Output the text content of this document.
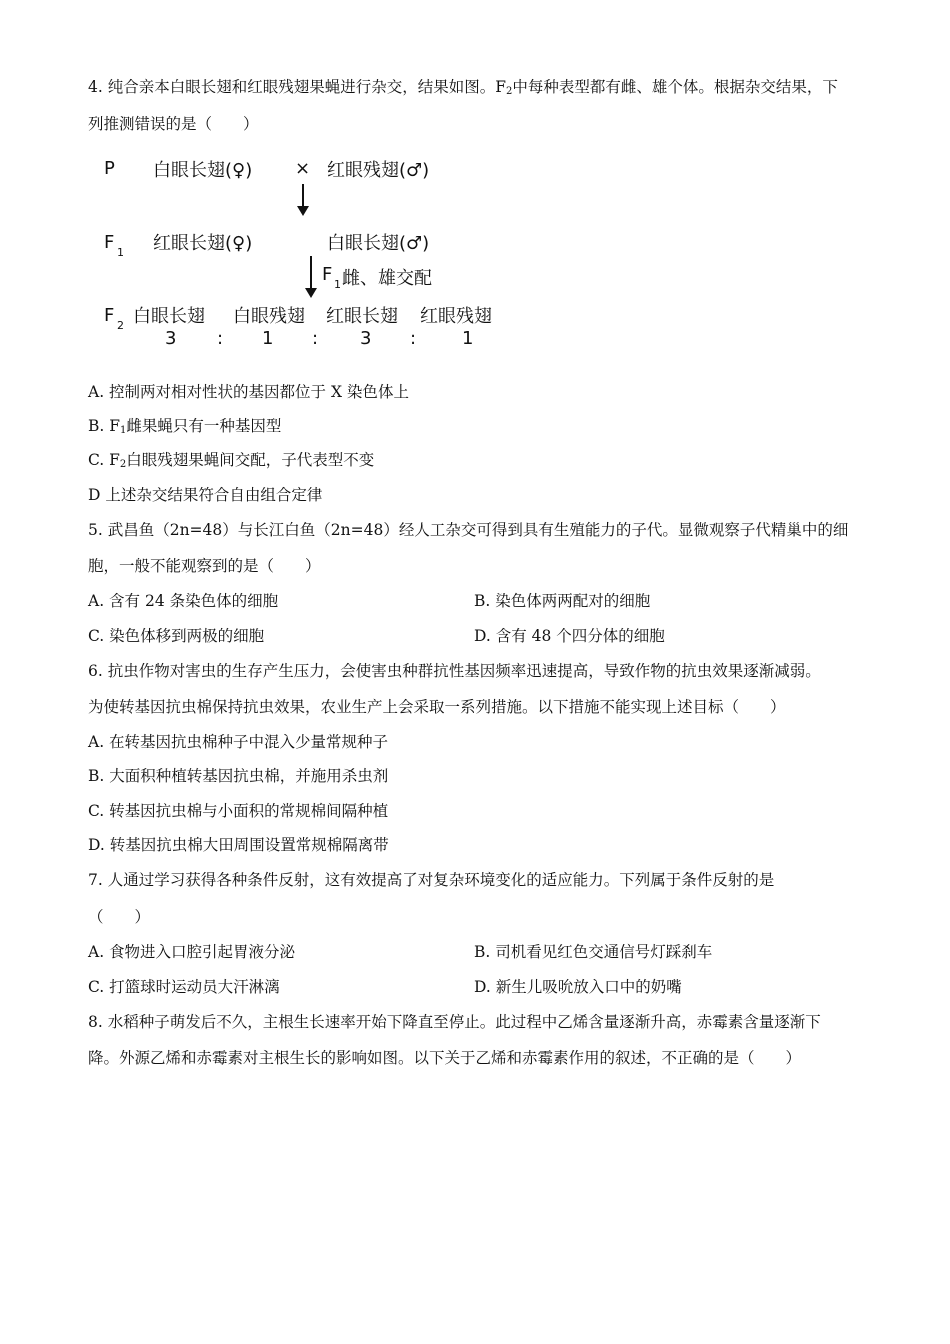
4. 纯合亲本白眼长翅和红眼残翅果蝇进行杂交，结果如图。$F_2$中每种表型都有雌、雄个体。根据杂交结果，下
列推测错误的是（　　）
P 白眼长翅(♀) × 红眼残翅(♂)
F 1 红眼长翅(♀)	白眼长翅(♂)
F 1 雌、雄交配
F 2 白眼长翅 白眼残翅 红眼长翅 红眼残翅
3 : 1 : 3 :	1
A. 控制两对相对性状的基因都位于 X 染色体上
B. $F_1$雌果蝇只有一种基因型
C. $F_2$白眼残翅果蝇间交配，子代表型不变
D 上述杂交结果符合自由组合定律
5. 武昌鱼（2n=48）与长江白鱼（2n=48）经人工杂交可得到具有生殖能力的子代。显微观察子代精巢中的细
胞，一般不能观察到的是（　　）
A. 含有 24 条染色体的细胞	B. 染色体两两配对的细胞
C. 染色体移到两极的细胞	D. 含有 48 个四分体的细胞
6. 抗虫作物对害虫的生存产生压力，会使害虫种群抗性基因频率迅速提高，导致作物的抗虫效果逐渐减弱。
为使转基因抗虫棉保持抗虫效果，农业生产上会采取一系列措施。以下措施不能实现上述目标（　　）
A. 在转基因抗虫棉种子中混入少量常规种子
B. 大面积种植转基因抗虫棉，并施用杀虫剂
C. 转基因抗虫棉与小面积的常规棉间隔种植
D. 转基因抗虫棉大田周围设置常规棉隔离带
7. 人通过学习获得各种条件反射，这有效提高了对复杂环境变化的适应能力。下列属于条件反射的是
（　　）
A. 食物进入口腔引起胃液分泌	B. 司机看见红色交通信号灯踩刹车
C. 打篮球时运动员大汗淋漓	D. 新生儿吸吮放入口中的奶嘴
8. 水稻种子萌发后不久，主根生长速率开始下降直至停止。此过程中乙烯含量逐渐升高，赤霉素含量逐渐下
降。外源乙烯和赤霉素对主根生长的影响如图。以下关于乙烯和赤霉素作用的叙述，不正确的是（　　）
